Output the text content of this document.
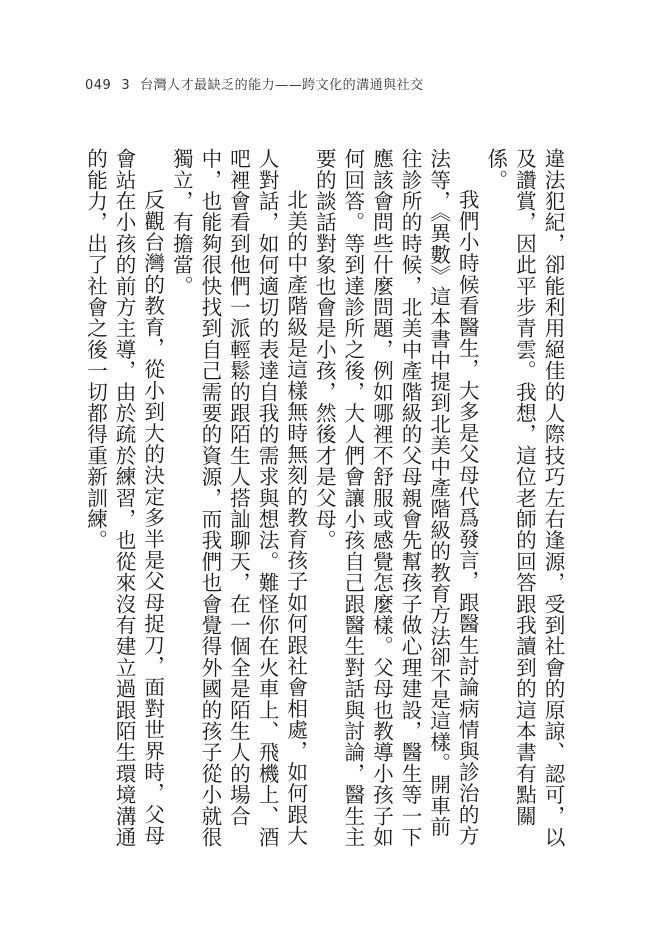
049 3 台灣人才最缺乏的能力——跨文化的溝通與社交

違法犯紀，卻能利用絕佳的人際技巧左右逢源，受到社會的原諒、認可，以及讚賞，因此平步青雲。我想，這位老師的回答跟我讀到的這本書有點關係。

我們小時候看醫生，大多是父母代爲發言，跟醫生討論病情與診治的方法等，《異數》這本書中提到北美中產階級的教育方法卻不是這樣。開車前往診所的時候，北美中產階級的父母親會先幫孩子做心理建設，醫生等一下應該會問些什麼問題，例如哪裡不舒服或感覺怎麼樣。父母也教導小孩子如何回答。等到達診所之後，大人們會讓小孩自己跟醫生對話與討論，醫生主要的談話對象也會是小孩，然後才是父母。

北美的中產階級是這樣無時無刻的教育孩子如何跟社會相處，如何跟大人對話，如何適切的表達自我的需求與想法。難怪你在火車上、飛機上、酒吧裡會看到他們一派輕鬆的跟陌生人搭訕聊天，在一個全是陌生人的場合中，也能夠很快找到自己需要的資源，而我們也會覺得外國的孩子從小就很獨立，有擔當。

反觀台灣的教育，從小到大的決定多半是父母捉刀，面對世界時，父母會站在小孩的前方主導，由於疏於練習，也從來沒有建立過跟陌生環境溝通的能力，出了社會之後一切都得重新訓練。
